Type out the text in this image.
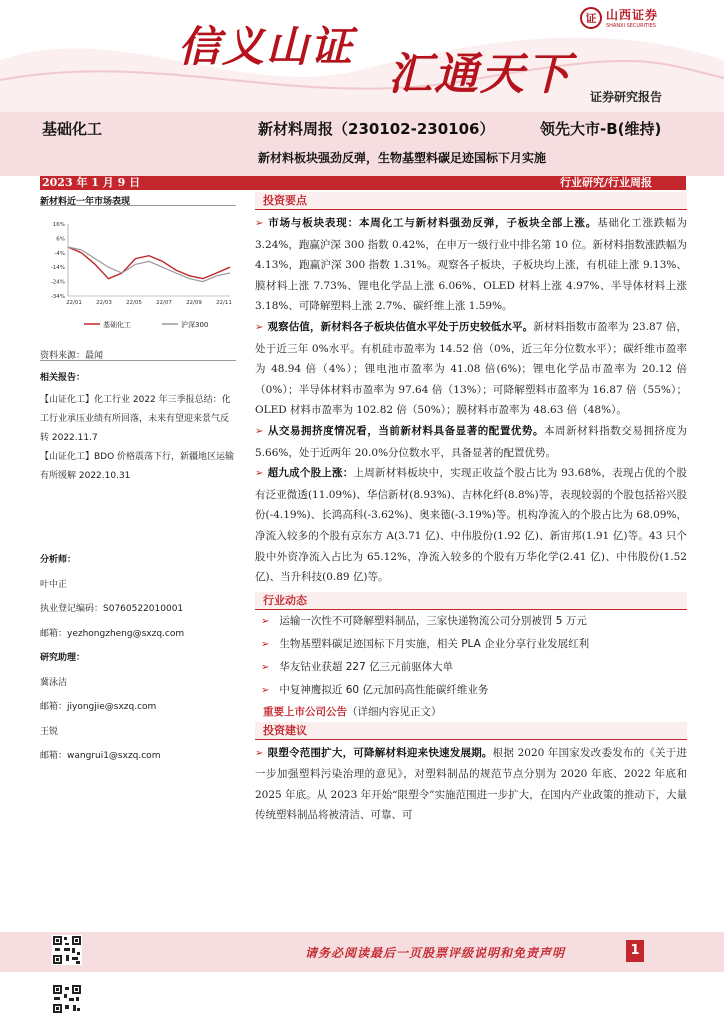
信义山证
汇通天下
证 山西证券
SHANXI SECURITIES
证券研究报告
基础化工	新材料周报（230102-230106）	领先大市-B(维持)
新材料板块强劲反弹，生物基塑料碳足迹国标下月实施
2023 年 1 月 9 日	行业研究/行业周报
新材料近一年市场表现
16%
6%
-4%
-14%
-24%
-34%
22/01	22/03	22/05	22/07	22/09	22/11
基础化工	沪深300
资料来源：最闻
相关报告：
【山证化工】化工行业 2022 年三季报总结：化工行业承压业绩有所回落，未来有望迎来景气反转 2022.11.7
【山证化工】BDO 价格震荡下行，新疆地区运输有所缓解 2022.10.31
分析师：
叶中正
执业登记编码：S0760522010001
邮箱：yezhongzheng@sxzq.com
研究助理：
冀泳洁
邮箱：jiyongjie@sxzq.com
王锐
邮箱：wangrui1@sxzq.com
投资要点
➢ 市场与板块表现：本周化工与新材料强劲反弹，子板块全部上涨。基础化工涨跌幅为 3.24%，跑赢沪深 300 指数 0.42%，在申万一级行业中排名第 10 位。新材料指数涨跌幅为 4.13%，跑赢沪深 300 指数 1.31%。观察各子板块，子板块均上涨，有机硅上涨 9.13%、膜材料上涨 7.73%、锂电化学品上涨 6.06%、OLED 材料上涨 4.97%、半导体材料上涨 3.18%、可降解塑料上涨 2.7%、碳纤维上涨 1.59%。
➢ 观察估值，新材料各子板块估值水平处于历史较低水平。新材料指数市盈率为 23.87 倍，处于近三年 0%水平。有机硅市盈率为 14.52 倍（0%，近三年分位数水平）；碳纤维市盈率为 48.94 倍（4%）；锂电池市盈率为 41.08 倍(6%)；锂电化学品市盈率为 20.12 倍（0%）；半导体材料市盈率为 97.64 倍（13%）；可降解塑料市盈率为 16.87 倍（55%）；OLED 材料市盈率为 102.82 倍（50%）；膜材料市盈率为 48.63 倍（48%）。
➢ 从交易拥挤度情况看，当前新材料具备显著的配置优势。本周新材料指数交易拥挤度为 5.66%，处于近两年 20.0%分位数水平，具备显著的配置优势。
➢ 超九成个股上涨：上周新材料板块中，实现正收益个股占比为 93.68%，表现占优的个股有泛亚微透(11.09%)、华信新材(8.93%)、吉林化纤(8.8%)等，表现较弱的个股包括裕兴股份(-4.19%)、长鸿高科(-3.62%)、奥来德(-3.19%)等。机构净流入的个股占比为 68.09%，净流入较多的个股有京东方 A(3.71 亿)、中伟股份(1.92 亿)、新宙邦(1.91 亿)等。43 只个股中外资净流入占比为 65.12%，净流入较多的个股有万华化学(2.41 亿)、中伟股份(1.52 亿)、当升科技(0.89 亿)等。
行业动态
➢ 运输一次性不可降解塑料制品，三家快递物流公司分别被罚 5 万元
➢ 生物基塑料碳足迹国标下月实施，相关 PLA 企业分享行业发展红利
➢ 华友钴业获超 227 亿三元前驱体大单
➢ 中复神鹰拟近 60 亿元加码高性能碳纤维业务
重要上市公司公告（详细内容见正文）
投资建议
➢ 限塑令范围扩大，可降解材料迎来快速发展期。根据 2020 年国家发改委发布的《关于进一步加强塑料污染治理的意见》，对塑料制品的规范节点分别为 2020 年底、2022 年底和 2025 年底。从 2023 年开始“限塑令”实施范围进一步扩大，在国内产业政策的推动下，大量传统塑料制品将被清洁、可靠、可
请务必阅读最后一页股票评级说明和免责声明	1
